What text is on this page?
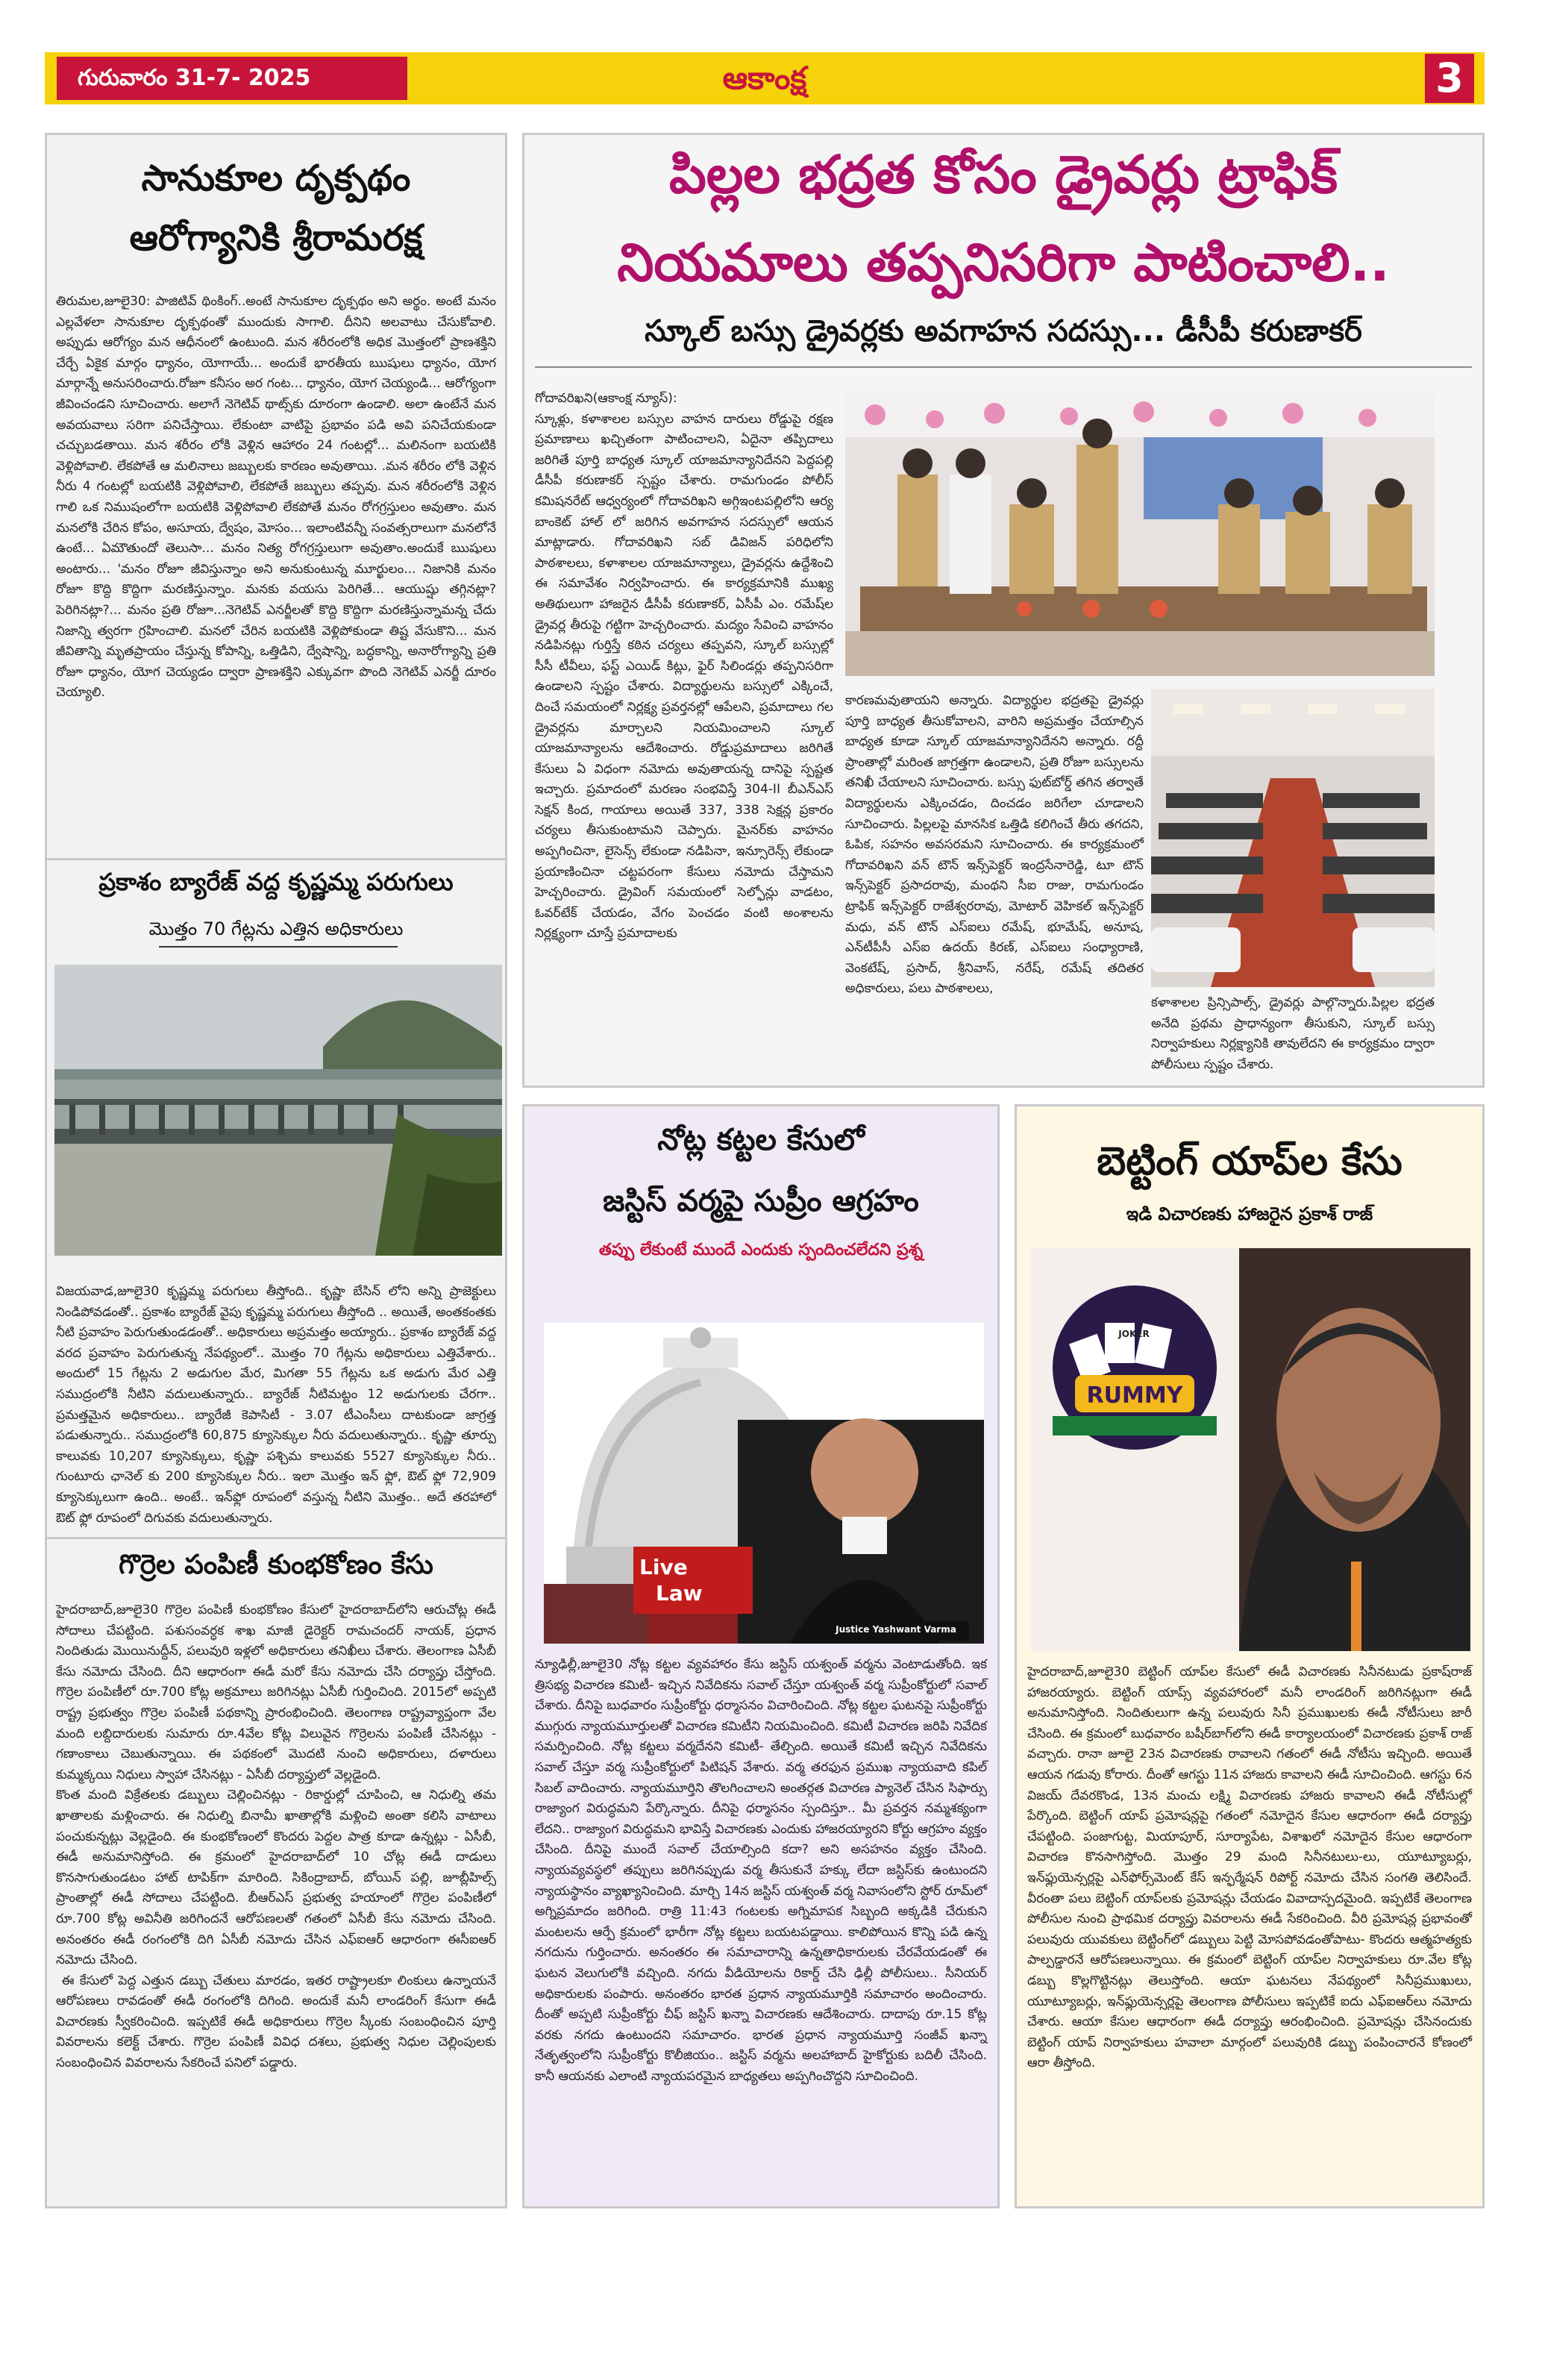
ఆకాంక్ష
గురువారం 31-7- 2025	3
సానుకూల దృక్పథం
ఆరోగ్యానికి శ్రీరామరక్ష
తిరుమల,జూలై30: పాజిటివ్ థింకింగ్..అంటే సానుకూల దృక్పథం అని అర్థం. అంటే మనం ఎల్లవేళలా సానుకూల దృక్పథంతో ముందుకు సాగాలి. దీనిని అలవాటు చేసుకోవాలి. అప్పుడు ఆరోగ్యం మన ఆధీనంలో ఉంటుంది. మన శరీరంలోకి అధిక మొత్తంలో ప్రాణశక్తిని చేర్చే ఏకైక మార్గం ధ్యానం, యోగాయే... అందుకే భారతీయ ఋషులు ధ్యానం, యోగ మార్గాన్నే అనుసరించారు.రోజూ కనీసం అర గంట... ధ్యానం, యోగ చెయ్యండి... ఆరోగ్యంగా జీవించండని సూచించారు. అలాగే నెగెటివ్ థాట్స్‌కు దూరంగా ఉండాలి. అలా ఉంటేనే మన అవయవాలు సరిగా పనిచేస్తాయి. లేకుంటా వాటిపై ప్రభావం పడి అవి పనిచేయకుండా చచ్చుబడతాయి. మన శరీరం లోకి వెళ్లిన ఆహారం 24 గంటల్లో... మలినంగా బయటికి వెళ్లిపోవాలి. లేకపోతే ఆ మలినాలు జబ్బులకు కారణం అవుతాయి. .మన శరీరం లోకి వెళ్లిన నీరు 4 గంటల్లో బయటికి వెళ్లిపోవాలి, లేకపోతే జబ్బులు తప్పవు. మన శరీరంలోకి వెళ్లిన గాలి ఒక నిముషంలోగా బయటికి వెళ్లిపోవాలి లేకపోతే మనం రోగగ్రస్తులం అవుతాం. మన మనలోకి చేరిన కోపం, అసూయ, ద్వేషం, మోసం... ఇలాంటివన్నీ సంవత్సరాలుగా మనలోనే ఉంటే... ఏమౌతుందో తెలుసా... మనం నిత్య రోగగ్రస్తులుగా అవుతాం.అందుకే ఋషులు అంటారు... 'మనం రోజూ జీవిస్తున్నాం అని అనుకుంటున్న మూర్ఖులం... నిజానికి మనం రోజూ కొద్ది కొద్దిగా మరణిస్తున్నాం. మనకు వయసు పెరిగితే... ఆయుష్షు తగ్గినట్లా? పెరిగినట్లా?... మనం ప్రతి రోజూ...నెగెటివ్ ఎనర్జీలతో కొద్ది కొద్దిగా మరణిస్తున్నామన్న చేదు నిజాన్ని త్వరగా గ్రహించాలి. మనలో చేరిన బయటికి వెళ్లిపోకుండా తిష్ట వేసుకొని... మన జీవితాన్ని మృతప్రాయం చేస్తున్న కోపాన్ని, ఒత్తిడిని, ద్వేషాన్ని, బద్ధకాన్ని, అనారోగ్యాన్ని ప్రతి రోజూ ధ్యానం, యోగ చెయ్యడం ద్వారా ప్రాణశక్తిని ఎక్కువగా పొంది నెగెటివ్ ఎనర్జీ దూరం చెయ్యాలి.
ప్రకాశం బ్యారేజ్ వద్ద కృష్ణమ్మ పరుగులు
మొత్తం 70 గేట్లను ఎత్తిన అధికారులు
విజయవాడ,జూలై30 కృష్ణమ్మ పరుగులు తీస్తోంది.. కృష్ణా బేసిన్ లోని అన్ని ప్రాజెక్టులు నిండిపోవడంతో.. ప్రకాశం బ్యారేజ్ వైపు కృష్ణమ్మ పరుగులు తీస్తోంది .. అయితే, అంతకంతకు నీటి ప్రవాహం పెరుగుతుండడంతో.. అధికారులు అప్రమత్తం అయ్యారు.. ప్రకాశం బ్యారేజ్ వద్ద వరద ప్రవాహం పెరుగుతున్న నేపథ్యంలో.. మొత్తం 70 గేట్లను అధికారులు ఎత్తివేశారు.. అందులో 15 గేట్లను 2 అడుగుల మేర, మిగతా 55 గేట్లను ఒక అడుగు మేర ఎత్తి సముద్రంలోకి నీటిని వదులుతున్నారు.. బ్యారేజ్ నీటిమట్టం 12 అడుగులకు చేరగా.. ప్రమత్తమైన అధికారులు.. బ్యారేజీ కెపాసిటీ - 3.07 టీఎంసీలు దాటకుండా జాగ్రత్త పడుతున్నారు.. సముద్రంలోకి 60,875 క్యూసెక్కుల నీరు వదులుతున్నారు.. కృష్ణా తూర్పు కాలువకు 10,207 క్యూసెక్కులు, కృష్ణా పశ్చిమ కాలువకు 5527 క్యూసెక్కుల నీరు.. గుంటూరు ఛానెల్ కు 200 క్యూసెక్కుల నీరు.. ఇలా మొత్తం ఇన్ ఫ్లో, ఔట్ ఫ్లో 72,909 క్యూసెక్కులుగా ఉంది.. అంటే.. ఇన్‌ఫ్లో రూపంలో వస్తున్న నీటిని మొత్తం.. అదే తరహాలో ఔట్‌ ఫ్లో రూపంలో దిగువకు వదులుతున్నారు.
గొర్రెల పంపిణీ కుంభకోణం కేసు
హైదరాబాద్,జూలై30 గొర్రెల పంపిణీ కుంభకోణం కేసులో హైదరాబాద్‌లోని ఆరుచోట్ల ఈడీ సోదాలు చేపట్టింది. పశుసంవర్ధక శాఖ మాజీ డైరెక్టర్ రామచందర్ నాయక్, ప్రధాన నిందితుడు మొయినుద్దీన్, పలువురి ఇళ్లలో అధికారులు తనిఖీలు చేశారు. తెలంగాణ ఏసీబీ కేసు నమోదు చేసింది. దీని ఆధారంగా ఈడీ మరో కేసు నమోదు చేసి దర్యాప్తు చేస్తోంది. గొర్రెల పంపిణీలో రూ.700 కోట్ల అక్రమాలు జరిగినట్లు ఏసీబీ గుర్తించింది. 2015లో అప్పటి రాష్ట్ర ప్రభుత్వం గొర్రెల పంపిణీ పథకాన్ని ప్రారంభించింది. తెలంగాణ రాష్ట్రవ్యాప్తంగా వేల మంది లబ్దిదారులకు సుమారు రూ.4వేల కోట్ల విలువైన గొర్రెలను పంపిణీ చేసినట్లు - గణాంకాలు చెబుతున్నాయి. ఈ పథకంలో మొదటి నుంచి అధికారులు, దళారులు కుమ్మక్కయి నిధులు స్వాహా చేసినట్లు - ఏసీబీ దర్యాప్తులో వెల్లడైంది.
కొంత మంది విక్రేతలకు డబ్బులు చెల్లించినట్లు - రికార్డుల్లో చూపించి, ఆ నిధుల్ని తమ ఖాతాలకు మళ్లించారు. ఈ నిధుల్ని బినామీ ఖాతాల్లోకి మళ్లించి అంతా కలిసి వాటాలు పంచుకున్నట్లు వెల్లడైంది. ఈ కుంభకోణంలో కొందరు పెద్దల పాత్ర కూడా ఉన్నట్లు - ఏసీబీ, ఈడీ అనుమానిస్తోంది. ఈ క్రమంలో హైదరాబాద్‌లో 10 చోట్ల ఈడీ దాడులు కొనసాగుతుండటం హాట్ టాపిక్‌గా మారింది. సికింద్రాబాద్, బోయిన్ పల్లి, జూబ్లీహిల్స్ ప్రాంతాల్లో ఈడీ సోదాలు చేపట్టింది. బీఆర్ఎస్ ప్రభుత్వ హయాంలో గొర్రెల పంపిణీలో రూ.700 కోట్ల అవినీతి జరిగిందనే ఆరోపణలతో గతంలో ఏసీబీ కేసు నమోదు చేసింది. అనంతరం ఈడీ రంగంలోకి దిగి ఏసీబీ నమోదు చేసిన ఎఫ్ఐఆర్ ఆధారంగా ఈసీఐఆర్ నమోదు చేసింది.
ఈ కేసులో పెద్ద ఎత్తున డబ్బు చేతులు మారడం, ఇతర రాష్ట్రాలకూ లింకులు ఉన్నాయనే ఆరోపణలు రావడంతో ఈడీ రంగంలోకి దిగింది. అందుకే మనీ లాండరింగ్ కేసుగా ఈడీ విచారణకు స్వీకరించింది. ఇప్పటికే ఈడీ అధికారులు గొర్రెల స్కీంకు సంబంధించిన పూర్తి వివరాలను కలెక్ట్ చేశారు. గొర్రెల పంపిణీ వివిధ దశలు, ప్రభుత్వ నిధుల చెల్లింపులకు సంబంధించిన వివరాలను సేకరించే పనిలో పడ్డారు.
పిల్లల భద్రత కోసం డ్రైవర్లు ట్రాఫిక్
నియమాలు తప్పనిసరిగా పాటించాలి..
స్కూల్ బస్సు డ్రైవర్లకు అవగాహన సదస్సు... డీసీపీ కరుణాకర్
గోదావరిఖని(ఆకాంక్ష న్యూస్):
స్కూళ్లు, కళాశాలల బస్సుల వాహన దారులు రోడ్డుపై రక్షణ ప్రమాణాలు ఖచ్చితంగా పాటించాలని, ఏదైనా తప్పిదాలు జరిగితే పూర్తి బాధ్యత స్కూల్ యాజమాన్యానిదేనని పెద్దపల్లి డీసీపీ కరుణాకర్ స్పష్టం చేశారు. రామగుండం పోలీస్ కమిషనరేట్ ఆధ్వర్యంలో గోదావరిఖని అగ్గిఇంటపల్లిలోని ఆర్య బాంకెట్ హాల్ లో జరిగిన అవగాహన సదస్సులో ఆయన మాట్లాడారు. గోదావరిఖని సబ్ డివిజన్ పరిధిలోని పాఠశాలలు, కళాశాలల యాజమాన్యాలు, డ్రైవర్లను ఉద్దేశించి ఈ సమావేశం నిర్వహించారు. ఈ కార్యక్రమానికి ముఖ్య అతిథులుగా హాజరైన డీసీపీ కరుణాకర్, ఏసీపీ ఎం. రమేష్‌ల డ్రైవర్ల తీరుపై గట్టిగా హెచ్చరించారు. మద్యం సేవించి వాహనం నడిపినట్లు గుర్తిస్తే కఠిన చర్యలు తప్పవని, స్కూల్ బస్సుల్లో సీసీ టీవీలు, ఫస్ట్ ఎయిడ్ కిట్లు, ఫైర్ సిలిండర్లు తప్పనిసరిగా ఉండాలని స్పష్టం చేశారు. విద్యార్థులను బస్సులో ఎక్కించే, దించే సమయంలో నిర్లక్ష్య ప్రవర్తనల్లో ఆపేలని, ప్రమాదాలు గల డ్రైవర్లను మార్చాలని నియమించాలని స్కూల్ యాజమాన్యాలను ఆదేశించారు. రోడ్డుప్రమాదాలు జరిగితే కేసులు ఏ విధంగా నమోదు అవుతాయన్న దానిపై స్పష్టత ఇచ్చారు. ప్రమాదంలో మరణం సంభవిస్తే 304-II బీఎన్ఎస్ సెక్షన్ కింద, గాయాలు అయితే 337, 338 సెక్షన్ల ప్రకారం చర్యలు తీసుకుంటామని చెప్పారు. మైనర్‌కు వాహనం అప్పగించినా, లైసెన్స్ లేకుండా నడిపినా, ఇన్సూరెన్స్ లేకుండా ప్రయాణించినా చట్టపరంగా కేసులు నమోదు చేస్తామని హెచ్చరించారు. డ్రైవింగ్ సమయంలో సెల్ఫోన్లు వాడటం, ఓవర్‌టేక్ చేయడం, వేగం పెంచడం వంటి అంశాలను నిర్లక్ష్యంగా చూస్తే ప్రమాదాలకు
కారణమవుతాయని అన్నారు. విద్యార్థుల భద్రతపై డ్రైవర్లు పూర్తి బాధ్యత తీసుకోవాలని, వారిని అప్రమత్తం చేయాల్సిన బాధ్యత కూడా స్కూల్ యాజమాన్యానిదేనని అన్నారు. రద్దీ ప్రాంతాల్లో మరింత జాగ్రత్తగా ఉండాలని, ప్రతి రోజూ బస్సులను తనిఖీ చేయాలని సూచించారు. బస్సు ఫుట్‌బోర్డ్ తగిన తర్వాతే విద్యార్థులను ఎక్కించడం, దించడం జరిగేలా చూడాలని సూచించారు. పిల్లలపై మానసిక ఒత్తిడి కలిగించే తీరు తగదని, ఓపిక, సహనం అవసరమని సూచించారు. ఈ కార్యక్రమంలో గోదావరిఖని వన్ టౌన్ ఇన్స్‌పెక్టర్ ఇంద్రసేనారెడ్డి, టూ టౌన్ ఇన్స్‌పెక్టర్ ప్రసాదరావు, మంథని సీఐ రాజు, రామగుండం ట్రాఫిక్ ఇన్స్‌పెక్టర్ రాజేశ్వరరావు, మోటార్ వెహికల్ ఇన్స్‌పెక్టర్ మధు, వన్ టౌన్ ఎస్ఐలు రమేష్, భూమేష్, అనూష, ఎన్‌టీపీసీ ఎస్ఐ ఉదయ్ కిరణ్, ఎస్ఐలు సంధ్యారాణి, వెంకటేష్, ప్రసాద్, శ్రీనివాస్, నరేష్, రమేష్ తదితర అధికారులు, పలు పాఠశాలలు,
కళాశాలల ప్రిన్సిపాల్స్, డ్రైవర్లు పాల్గొన్నారు.పిల్లల భద్రత అనేది ప్రథమ ప్రాధాన్యంగా తీసుకుని, స్కూల్ బస్సు నిర్వాహకులు నిర్లక్ష్యానికి తావులేదని ఈ కార్యక్రమం ద్వారా పోలీసులు స్పష్టం చేశారు.
నోట్ల కట్టల కేసులో
జస్టిస్ వర్మపై సుప్రీం ఆగ్రహం
తప్పు లేకుంటే ముందే ఎందుకు స్పందించలేదని ప్రశ్న
Live
Law
Justice Yashwant Varma
న్యూఢిల్లీ,జూలై30 నోట్ల కట్టల వ్యవహారం కేసు జస్టిస్ యశ్వంత్ వర్మను వెంటాడుతోంది. ఇక త్రిసభ్య విచారణ కమిటీ- ఇచ్చిన నివేదికను సవాల్ చేస్తూ యశ్వంత్ వర్మ సుప్రీంకోర్టులో సవాల్ చేశారు. దీనిపై బుధవారం సుప్రీంకోర్టు ధర్మాసనం విచారించింది. నోట్ల కట్టల ఘటనపై సుప్రీంకోర్టు ముగ్గురు న్యాయమూర్తులతో విచారణ కమిటీని నియమించింది. కమిటీ విచారణ జరిపి నివేదిక సమర్పించింది. నోట్ల కట్టలు వర్మదేనని కమిటీ- తేల్చింది. అయితే కమిటీ ఇచ్చిన నివేదికను సవాల్ చేస్తూ వర్మ సుప్రీంకోర్టులో పిటిషన్ వేశారు. వర్మ తరఫున ప్రముఖ న్యాయవాది కపిల్ సిబల్ వాదించారు. న్యాయమూర్తిని తొలగించాలని అంతర్గత విచారణ ప్యానెల్ చేసిన సిఫార్సు రాజ్యాంగ విరుద్ధమని పేర్కొన్నారు. దీనిపై ధర్మాసనం స్పందిస్తూ.. మీ ప్రవర్తన నమ్మశక్యంగా లేదని.. రాజ్యాంగ విరుద్ధమని భావిస్తే విచారణకు ఎందుకు హాజరయ్యారని కోర్టు ఆగ్రహం వ్యక్తం చేసింది. దీనిపై ముందే సవాల్ చేయాల్సింది కదా? అని అసహనం వ్యక్తం చేసింది. న్యాయవ్యవస్థలో తప్పులు జరిగినప్పుడు వర్మ తీసుకునే హక్కు లేదా జస్టిస్‌కు ఉంటుందని న్యాయస్థానం వ్యాఖ్యానించింది. మార్చి 14న జస్టిస్ యశ్వంత్ వర్మ నివాసంలోని స్టోర్ రూమ్‌లో అగ్నిప్రమాదం జరిగింది. రాత్రి 11:43 గంటలకు అగ్నిమాపక సిబ్బంది అక్కడికి చేరుకుని మంటలను ఆర్పే క్రమంలో భారీగా నోట్ల కట్టలు బయటపడ్డాయి. కాలిపోయిన కొన్ని పడి ఉన్న నగదును గుర్తించారు. అనంతరం ఈ సమాచారాన్ని ఉన్నతాధికారులకు చేరవేయడంతో ఈ ఘటన వెలుగులోకి వచ్చింది. నగదు వీడియోలను రికార్డ్ చేసి ఢిల్లీ పోలీసులు.. సీనియర్ అధికారులకు పంపారు. అనంతరం భారత ప్రధాన న్యాయమూర్తికి సమాచారం అందించారు. దీంతో అప్పటి సుప్రీంకోర్టు చీఫ్ జస్టిస్ ఖన్నా విచారణకు ఆదేశించారు. దాదాపు రూ.15 కోట్ల వరకు నగదు ఉంటుందని సమాచారం. భారత ప్రధాన న్యాయమూర్తి సంజీవ్ ఖన్నా నేతృత్వంలోని సుప్రీంకోర్టు కొలీజియం.. జస్టిస్ వర్మను అలహాబాద్ హైకోర్టుకు బదిలీ చేసింది. కానీ ఆయనకు ఎలాంటి న్యాయపరమైన బాధ్యతలు అప్పగించొద్దని సూచించింది.
బెట్టింగ్ యాప్‌ల కేసు
ఇడి విచారణకు హాజరైన ప్రకాశ్ రాజ్
RUMMY
JOKER
హైదరాబాద్,జూలై30 బెట్టింగ్ యాప్‌ల కేసులో ఈడీ విచారణకు సినీనటుడు ప్రకాష్‌రాజ్ హాజరయ్యారు. బెట్టింగ్ యాప్స్ వ్యవహారంలో మనీ లాండరింగ్ జరిగినట్లుగా ఈడీ అనుమానిస్తోంది. నిందితులుగా ఉన్న పలువురు సినీ ప్రముఖులకు ఈడీ నోటీసులు జారీ చేసింది. ఈ క్రమంలో బుధవారం బషీర్‌బాగ్‌లోని ఈడీ కార్యాలయంలో విచారణకు ప్రకాశ్ రాజ్ వచ్చారు. రానా జూలై 23న విచారణకు రావాలని గతంలో ఈడీ నోటీసు ఇచ్చింది. అయితే ఆయన గడువు కోరారు. దీంతో ఆగస్టు 11న హాజరు కావాలని ఈడీ సూచించింది. ఆగస్టు 6న విజయ్ దేవరకొండ, 13న మంచు లక్ష్మి విచారణకు హాజరు కావాలని ఈడీ నోటీసుల్లో పేర్కొంది. బెట్టింగ్ యాప్ ప్రమోషన్లపై గతంలో నమోదైన కేసుల ఆధారంగా ఈడీ దర్యాప్తు చేపట్టింది. పంజాగుట్ట, మియాపూర్, సూర్యాపేట, విశాఖలో నమోదైన కేసుల ఆధారంగా విచారణ కొనసాగిస్తోంది. మొత్తం 29 మంది సినీనటులు-లు, యూట్యూబర్లు, ఇన్‌ఫ్లుయెన్సర్లపై ఎన్‌ఫోర్స్‌మెంట్ కేస్ ఇన్ఫర్మేషన్ రిపోర్ట్ నమోదు చేసిన సంగతి తెలిసిందే. వీరంతా పలు బెట్టింగ్ యాప్‌లకు ప్రమోషన్లు చేయడం వివాదాస్పదమైంది. ఇప్పటికే తెలంగాణ పోలీసుల నుంచి ప్రాథమిక దర్యాప్తు వివరాలను ఈడీ సేకరించింది. వీరి ప్రమోషన్ల ప్రభావంతో పలువురు యువకులు బెట్టింగ్‌లో డబ్బులు పెట్టి మోసపోవడంతోపాటు- కొందరు ఆత్మహత్యకు పాల్పడ్డారనే ఆరోపణలున్నాయి. ఈ క్రమంలో బెట్టింగ్ యాప్‌ల నిర్వాహకులు రూ.వేల కోట్ల డబ్బు కొల్లగొట్టినట్లు తెలుస్తోంది. ఆయా ఘటనలు నేపథ్యంలో సినీప్రముఖులు, యూట్యూబర్లు, ఇన్‌ఫ్లుయెన్సర్లపై తెలంగాణ పోలీసులు ఇప్పటికే ఐదు ఎఫ్ఐఆర్‌లు నమోదు చేశారు. ఆయా కేసుల ఆధారంగా ఈడీ దర్యాప్తు ఆరంభించింది. ప్రమోషన్లు చేసినందుకు బెట్టింగ్ యాప్‌ నిర్వాహకులు హవాలా మార్గంలో పలువురికి డబ్బు పంపించారనే కోణంలో ఆరా తీస్తోంది.
